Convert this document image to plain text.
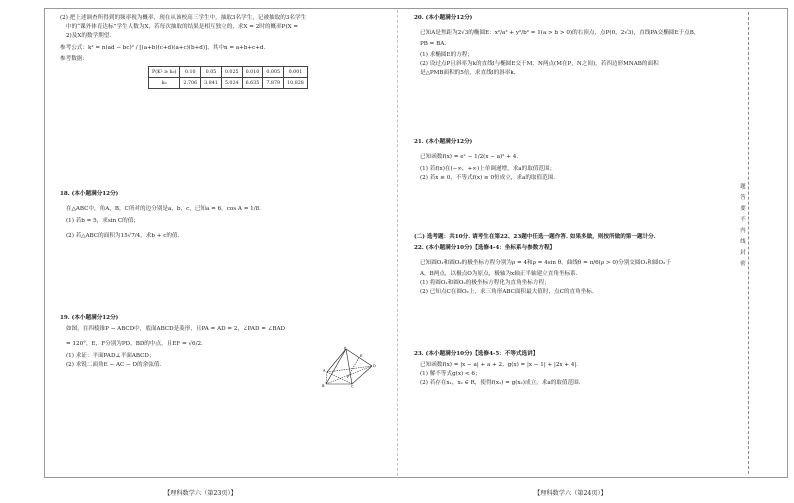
(2) 把上述调查所得到的频率视为概率，现在从该校高三学生中，抽取3名学生，记被抽取的3名学生

中的“课外体育达标”学生人数为X，若每次抽取的结果是相互独立的，求X = 2时的概率P(X =

2)及X的数学期望.

参考公式：k² = n(ad − bc)² / [(a+b)(c+d)(a+c)(b+d)]，其中n = a+b+c+d.

参考数据：

P(K² ≥ k₀)	0.10	0.05	0.025	0.010	0.005	0.001
k₀	2.706	3.841	5.024	6.635	7.879	10.828

18. (本小题满分12分)

在△ABC中，角A，B，C所对的边分别是a，b，c，已知a = 6，cos A = 1/8.

(1) 若b = 5，求sin C的值；

(2) 若△ABC的面积为15√7/4，求b + c的值.

19. (本小题满分12分)

如图，在四棱锥P − ABCD中，底面ABCD是菱形，且PA = AD = 2，∠PAD = ∠BAD

= 120°，E，F分别为PD，BD的中点，且EF = √6/2.

(1) 求证：平面PAD⊥平面ABCD；

(2) 求锐二面角E − AC − D的余弦值.

P
E
A
D
F
B	C

20. (本小题满分12分)

已知A是焦距为2√3的椭圆E：x²/a² + y²/b² = 1(a > b > 0)的右顶点，点P(0，2√3)，直线PA交椭圆E于点B，

PB = BA.

(1) 求椭圆E的方程；

(2) 设过点P且斜率为k的直线l与椭圆E交于M，N两点(M在P，N之间)，若四边形MNAB的面积

是△PMB面积的5倍，求直线l的斜率k.

21. (本小题满分12分)

已知函数f(x) = eˣ − 1/2(x − a)² + 4.

(1) 若f(x)在(−∞，+∞)上单调递增，求a的取值范围；

(2) 若x ≥ 0，不等式f(x) ≥ 0恒成立，求a的取值范围.

(二) 选考题：共10分. 请考生在第22、23题中任选一题作答. 如果多做，则按所做的第一题计分.

22. (本小题满分10分)【选修4-4：坐标系与参数方程】

已知圆O₁和圆O₂的极坐标方程分别为ρ = 4和ρ = 4sin θ，曲线θ = π/6(ρ > 0)分别交圆O₁和圆O₂于

A，B两点，以极点O为原点，极轴为x轴正半轴建立直角坐标系.

(1) 将圆O₁和圆O₂的极坐标方程化为直角坐标方程；

(2) 已知点C在圆O₂上，求三角形ABC面积最大值时，点C的直角坐标.

23. (本小题满分10分)【选修4-5：不等式选讲】

已知函数f(x) = |x − a| + a + 2，g(x) = |x − 1| + |2x + 4|.

(1) 解不等式g(x) < 6；

(2) 若存在x₁，x₂ ∈ R，使得f(x₁) = g(x₂)成立，求a的取值范围.

题
答
要
不
内
线
封
密
【理科数学六（第23页）】	【理科数学六（第24页）】
